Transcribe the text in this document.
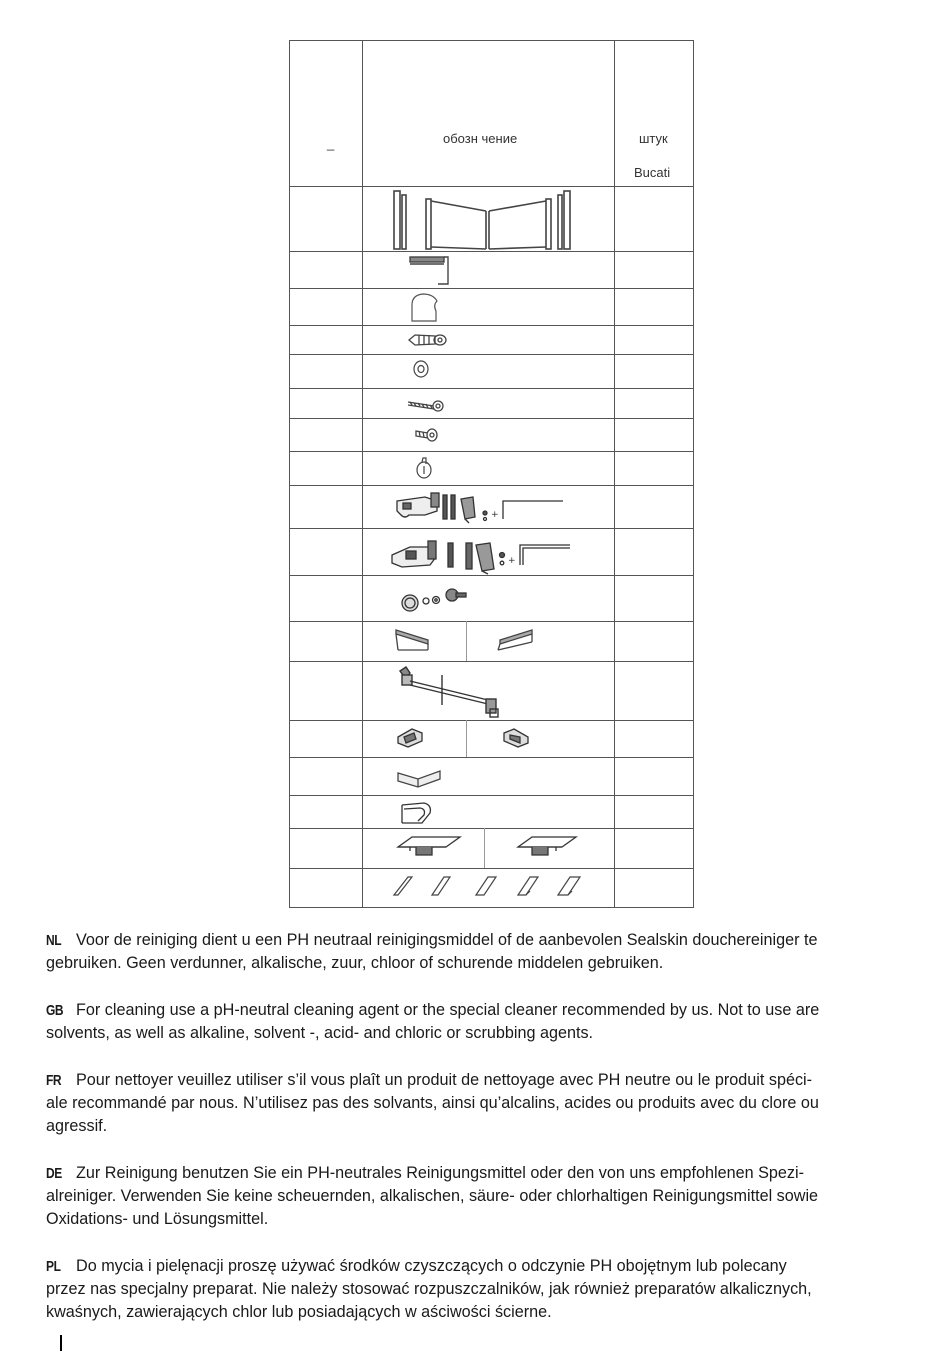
_	обозн чение	штук
Bucati
+
+
NL Voor de reiniging dient u een PH neutraal reinigingsmiddel of de aanbevolen Sealskin douchereiniger te
gebruiken. Geen verdunner, alkalische, zuur, chloor of schurende middelen gebruiken.
GB For cleaning use a pH-neutral cleaning agent or the special cleaner recommended by us. Not to use are
solvents, as well as alkaline, solvent -, acid- and chloric or scrubbing agents.
FR Pour nettoyer veuillez utiliser s’il vous plaît un produit de nettoyage avec PH neutre ou le produit spéci-
ale recommandé par nous. N’utilisez pas des solvants, ainsi qu’alcalins, acides ou produits avec du clore ou
agressif.
DE Zur Reinigung benutzen Sie ein PH-neutrales Reinigungsmittel oder den von uns empfohlenen Spezi-
alreiniger. Verwenden Sie keine scheuernden, alkalischen, säure- oder chlorhaltigen Reinigungsmittel sowie
Oxidations- und Lösungsmittel.
PL Do mycia i pielęnacji proszę używać środków czyszczących o odczynie PH obojętnym lub polecany
przez nas specjalny preparat. Nie należy stosować rozpuszczalników, jak również preparatów alkalicznych,
kwaśnych, zawierających chlor lub posiadających w aściwości ścierne.
